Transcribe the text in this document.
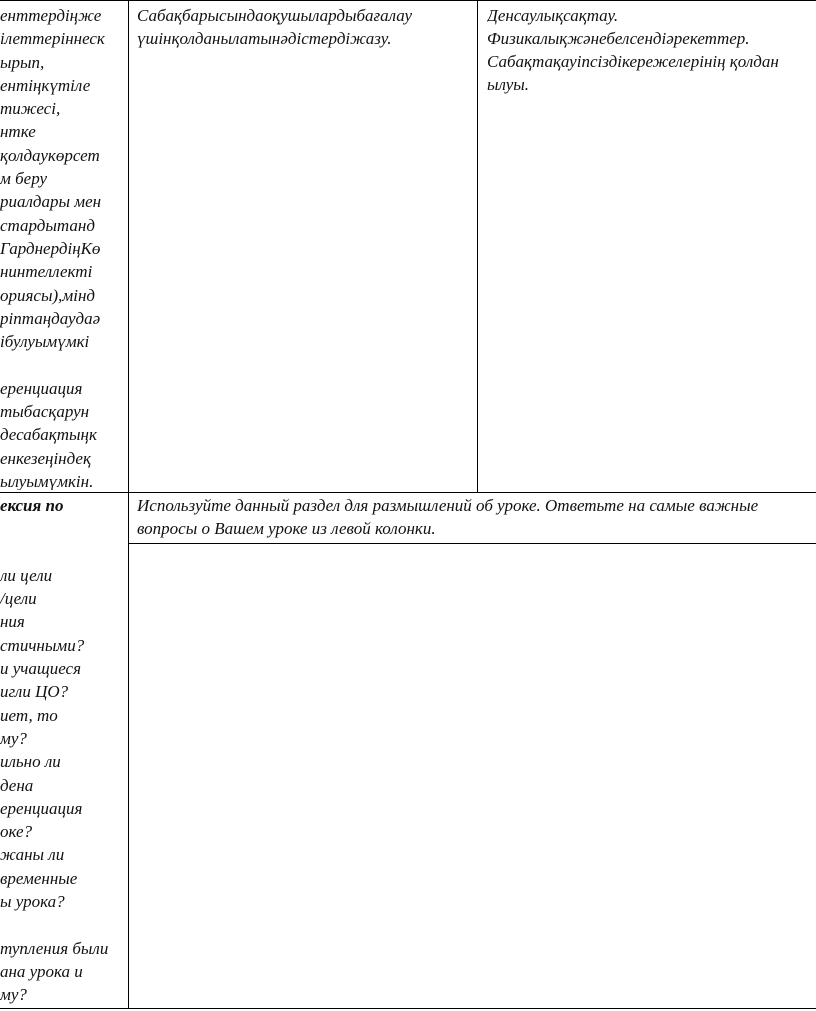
енттердіңже
ілеттеріннеск
ырып,
ентіңкүтіле
тижесі,
нтке
қолдаукөрсет
м беру
риалдары мен
стардытанд
ГарднердіңКө
нинтеллекті
ориясы),мінд
ріптаңдаудаә
ібулуымүмкі

еренциация
тыбасқарун
десабақтыңк
енкезеңіндеқ
ылуымүмкін.
Сабақбарысындаоқушылардыбағалау үшінқолданылатынәдістердіжазу.
Денсаулықсақтау. Физикалықжәнебелсендіәрекеттер. Сабақтақауіпсіздікережелерінің қолдан ылуы.
ексия по

ли цели
/цели
ния
стичными?
и учащиеся
игли ЦО?
иет, то
му?
ильно ли
дена
еренциация
оке?
жаны ли
временные
ы урока?

тупления были
ана урока и
му?
Используйте данный раздел для размышлений об уроке. Ответьте на самые важные вопросы о Вашем уроке из левой колонки.
